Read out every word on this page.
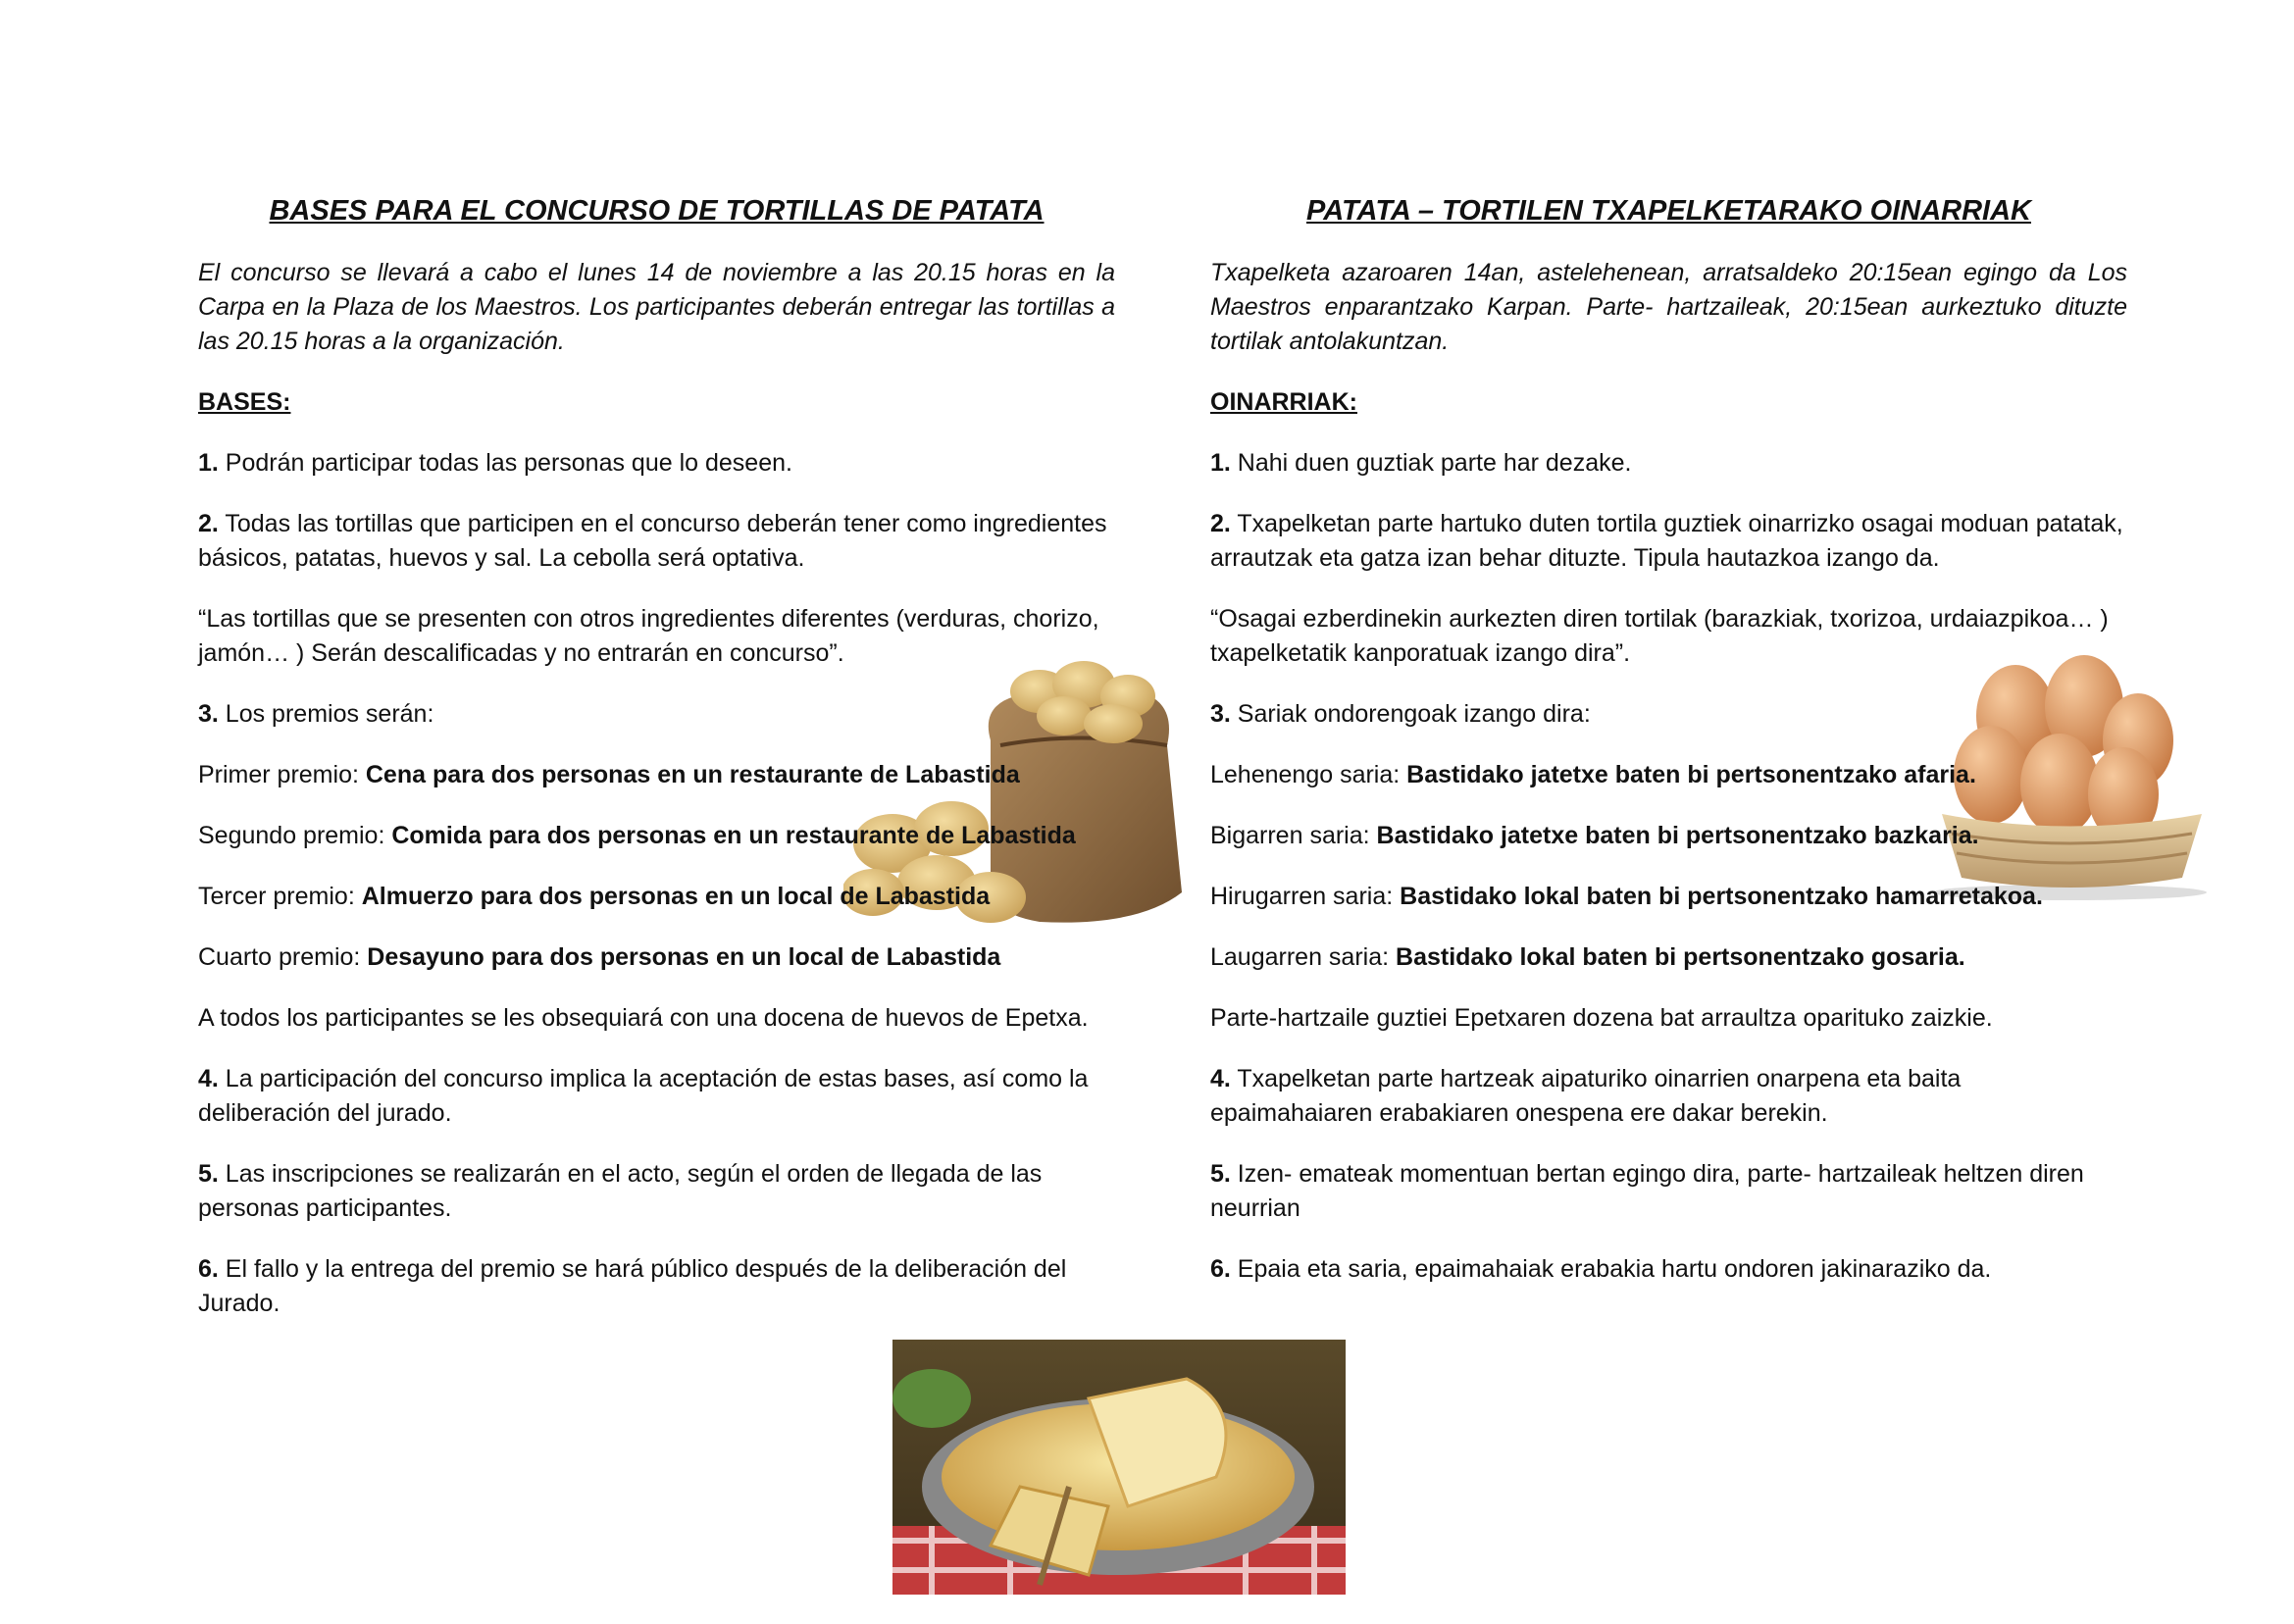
BASES PARA EL CONCURSO DE TORTILLAS DE PATATA
El concurso se llevará a cabo el lunes 14 de noviembre a las 20.15 horas en la Carpa en la Plaza de los Maestros. Los participantes deberán entregar las tortillas a las 20.15 horas a la organización.
BASES:
1. Podrán participar todas las personas que lo deseen.
2. Todas las tortillas que participen en el concurso deberán tener como ingredientes básicos, patatas, huevos y sal. La cebolla será optativa.
“Las tortillas que se presenten con otros ingredientes diferentes (verduras, chorizo, jamón… ) Serán descalificadas y no entrarán en concurso”.
3. Los premios serán:
Primer premio: Cena para dos personas en un restaurante de Labastida
Segundo premio: Comida para dos personas en un restaurante de Labastida
Tercer premio: Almuerzo para dos personas en un local de Labastida
Cuarto premio: Desayuno para dos personas en un local de Labastida
A todos los participantes se les obsequiará con una docena de huevos de Epetxa.
4. La participación del concurso implica la aceptación de estas bases, así como la deliberación del jurado.
5. Las inscripciones se realizarán en el acto, según el orden de llegada de las personas participantes.
6. El fallo y la entrega del premio se hará público después de la deliberación del Jurado.
PATATA – TORTILEN TXAPELKETARAKO OINARRIAK
Txapelketa azaroaren 14an, astelehenean, arratsaldeko 20:15ean egingo da Los Maestros enparantzako Karpan. Parte- hartzaileak, 20:15ean aurkeztuko dituzte tortilak antolakuntzan.
OINARRIAK:
1. Nahi duen guztiak parte har dezake.
2. Txapelketan parte hartuko duten tortila guztiek oinarrizko osagai moduan patatak, arrautzak eta gatza izan behar dituzte. Tipula hautazkoa izango da.
“Osagai ezberdinekin aurkezten diren tortilak (barazkiak, txorizoa, urdaiazpikoa… ) txapelketatik kanporatuak izango dira”.
3. Sariak ondorengoak izango dira:
Lehenengo saria: Bastidako jatetxe baten bi pertsonentzako afaria.
Bigarren saria: Bastidako jatetxe baten bi pertsonentzako bazkaria.
Hirugarren saria: Bastidako lokal baten bi pertsonentzako hamarretakoa.
Laugarren saria: Bastidako lokal baten bi pertsonentzako gosaria.
Parte-hartzaile guztiei Epetxaren dozena bat arraultza oparituko zaizkie.
4. Txapelketan parte hartzeak aipaturiko oinarrien onarpena eta baita epaimahaiaren erabakiaren onespena ere dakar berekin.
5. Izen- emateak momentuan bertan egingo dira, parte- hartzaileak heltzen diren neurrian
6. Epaia eta saria, epaimahaiak erabakia hartu ondoren jakinaraziko da.
